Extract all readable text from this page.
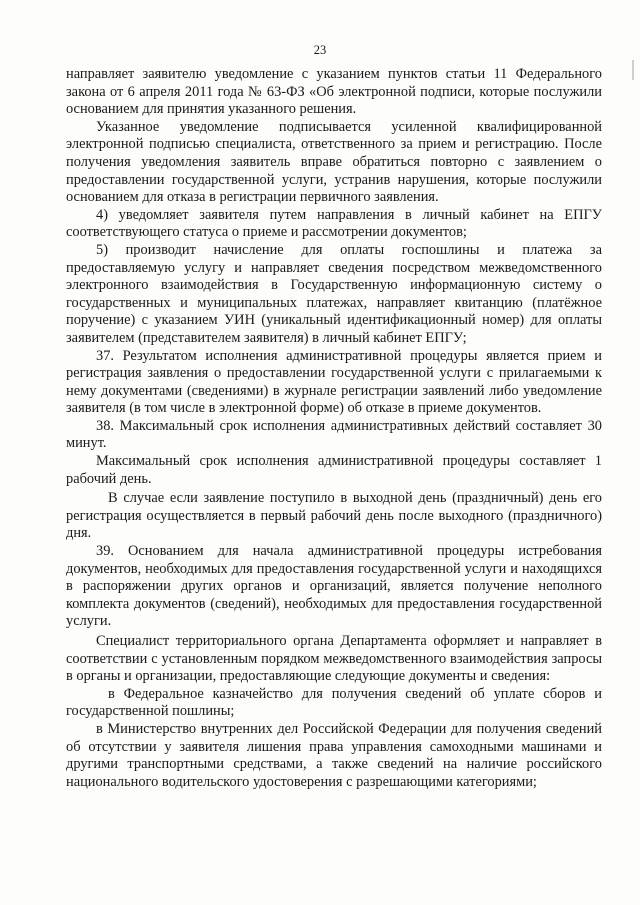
23

направляет заявителю уведомление с указанием пунктов статьи 11 Федерального закона от 6 апреля 2011 года № 63-ФЗ «Об электронной подписи, которые послужили основанием для принятия указанного решения.

Указанное уведомление подписывается усиленной квалифицированной электронной подписью специалиста, ответственного за прием и регистрацию. После получения уведомления заявитель вправе обратиться повторно с заявлением о предоставлении государственной услуги, устранив нарушения, которые послужили основанием для отказа в регистрации первичного заявления.

4) уведомляет заявителя путем направления в личный кабинет на ЕПГУ соответствующего статуса о приеме и рассмотрении документов;

5) производит начисление для оплаты госпошлины и платежа за предоставляемую услугу и направляет сведения посредством межведомственного электронного взаимодействия в Государственную информационную систему о государственных и муниципальных платежах, направляет квитанцию (платёжное поручение) с указанием УИН (уникальный идентификационный номер) для оплаты заявителем (представителем заявителя) в личный кабинет ЕПГУ;

37. Результатом исполнения административной процедуры является прием и регистрация заявления о предоставлении государственной услуги с прилагаемыми к нему документами (сведениями) в журнале регистрации заявлений либо уведомление заявителя (в том числе в электронной форме) об отказе в приеме документов.

38. Максимальный срок исполнения административных действий составляет 30 минут.

Максимальный срок исполнения административной процедуры составляет 1 рабочий день.

В случае если заявление поступило в выходной день (праздничный) день его регистрация осуществляется в первый рабочий день после выходного (праздничного) дня.

39. Основанием для начала административной процедуры истребования документов, необходимых для предоставления государственной услуги и находящихся в распоряжении других органов и организаций, является получение неполного комплекта документов (сведений), необходимых для предоставления государственной услуги.

Специалист территориального органа Департамента оформляет и направляет в соответствии с установленным порядком межведомственного взаимодействия запросы в органы и организации, предоставляющие следующие документы и сведения:

в Федеральное казначейство для получения сведений об уплате сборов и государственной пошлины;

в Министерство внутренних дел Российской Федерации для получения сведений об отсутствии у заявителя лишения права управления самоходными машинами и другими транспортными средствами, а также сведений на наличие российского национального водительского удостоверения с разрешающими категориями;
